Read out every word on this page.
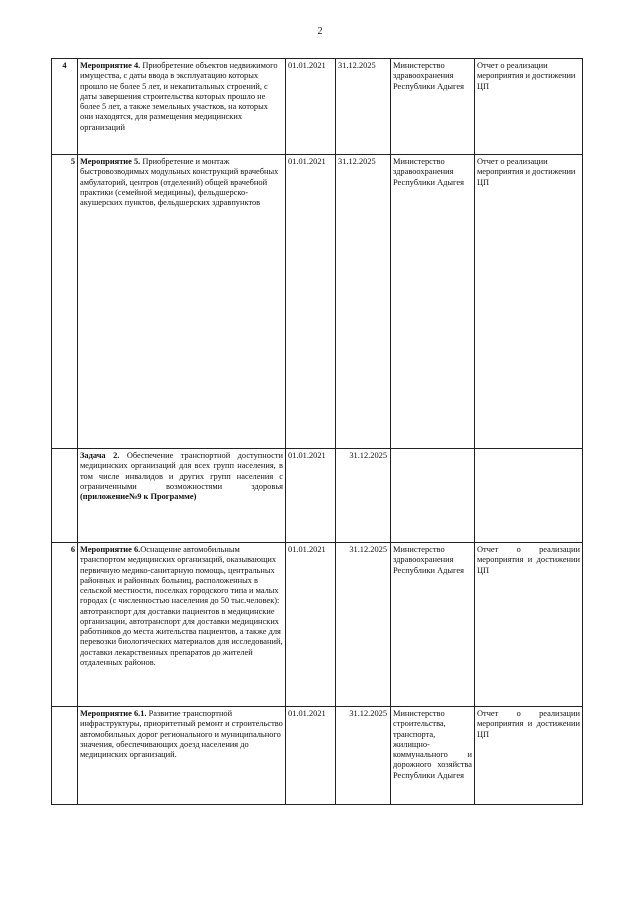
2
4	Мероприятие 4. Приобретение объектов недвижимого имущества, с даты ввода в эксплуатацию которых прошло не более 5 лет, и некапитальных строений, с даты завершения строительства которых прошло не более 5 лет, а также земельных участков, на которых они находятся, для размещения медицинских организаций	01.01.2021	31.12.2025	Министерство здравоохранения Республики Адыгея	Отчет о реализации мероприятия и достижении ЦП
5	Мероприятие 5. Приобретение и монтаж быстровозводимых модульных конструкций врачебных амбулаторий, центров (отделений) общей врачебной практики (семейной медицины), фельдшерско-акушерских пунктов, фельдшерских здравпунктов	01.01.2021	31.12.2025	Министерство здравоохранения Республики Адыгея	Отчет о реализации мероприятия и достижении ЦП
	Задача 2. Обеспечение транспортной доступности медицинских организаций для всех групп населения, в том числе инвалидов и других групп населения с ограниченными возможностями здоровья (приложение№9 к Программе)	01.01.2021	31.12.2025		
6	Мероприятие 6.Оснащение автомобильным транспортом медицинских организаций, оказывающих первичную медико-санитарную помощь, центральных районных и районных больниц, расположенных в сельской местности, поселках городского типа и малых городах (с численностью населения до 50 тыс.человек): автотранспорт для доставки пациентов в медицинские организации, автотранспорт для доставки медицинских работников до места жительства пациентов, а также для перевозки биологических материалов для исследований, доставки лекарственных препаратов до жителей отдаленных районов.	01.01.2021	31.12.2025	Министерство здравоохранения Республики Адыгея	Отчет о реализации мероприятия и достижении ЦП
	Мероприятие 6.1. Развитие транспортной инфраструктуры, приоритетный ремонт и строительство автомобильных дорог регионального и муниципального значения, обеспечивающих доезд населения до медицинских организаций.	01.01.2021	31.12.2025	Министерство строительства, транспорта, жилищно-коммунального и дорожного хозяйства Республики Адыгея	Отчет о реализации мероприятия и достижении ЦП
